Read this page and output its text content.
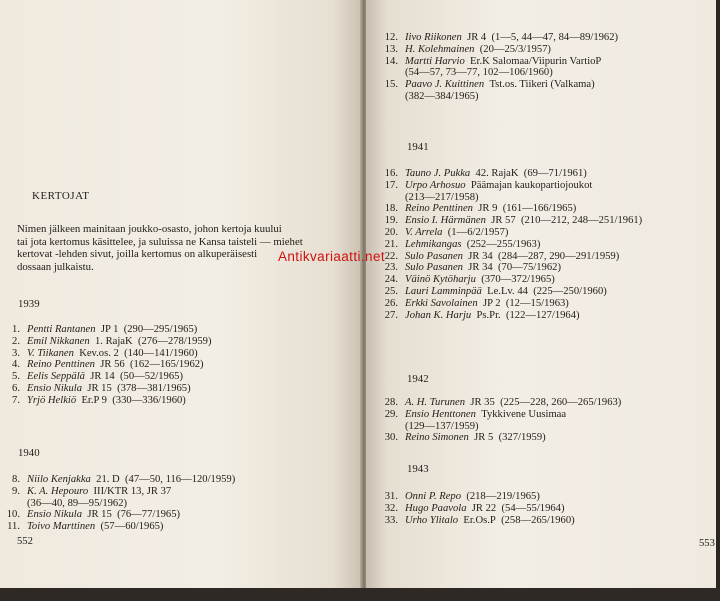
KERTOJAT
Nimen jälkeen mainitaan joukko-osasto, johon kertoja kuului
tai jota kertomus käsittelee, ja suluissa ne Kansa taisteli — miehet
kertovat -lehden sivut, joilla kertomus on alkuperäisesti
dossaan julkaistu.
1939
1. Pentti Rantanen JP 1 (290—295/1965)
2. Emil Nikkanen 1. RajaK (276—278/1959)
3. V. Tiikanen Kev.os. 2 (140—141/1960)
4. Reino Penttinen JR 56 (162—165/1962)
5. Eelis Seppälä JR 14 (50—52/1965)
6. Ensio Nikula JR 15 (378—381/1965)
7. Yrjö Helkiö Er.P 9 (330—336/1960)
1940
8. Niilo Kenjakka 21. D (47—50, 116—120/1959)
9. K. A. Hepouro III/KTR 13, JR 37
(36—40, 89—95/1962)
10. Ensio Nikula JR 15 (76—77/1965)
11. Toivo Marttinen (57—60/1965)
552
12. Iivo Riikonen JR 4 (1—5, 44—47, 84—89/1962)
13. H. Kolehmainen (20—25/3/1957)
14. Martti Harvio Er.K Salomaa/Viipurin VartioP
(54—57, 73—77, 102—106/1960)
15. Paavo J. Kuittinen Tst.os. Tiikeri (Valkama)
(382—384/1965)
1941
16. Tauno J. Pukka 42. RajaK (69—71/1961)
17. Urpo Arhosuo Päämajan kaukopartiojoukot
(213—217/1958)
18. Reino Penttinen JR 9 (161—166/1965)
19. Ensio I. Härmänen JR 57 (210—212, 248—251/1961)
20. V. Arrela (1—6/2/1957)
21. Lehmikangas (252—255/1963)
22. Sulo Pasanen JR 34 (284—287, 290—291/1959)
23. Sulo Pasanen JR 34 (70—75/1962)
24. Väinö Kytöharju (370—372/1965)
25. Lauri Lamminpää Le.Lv. 44 (225—250/1960)
26. Erkki Savolainen JP 2 (12—15/1963)
27. Johan K. Harju Ps.Pr. (122—127/1964)
1942
28. A. H. Turunen JR 35 (225—228, 260—265/1963)
29. Ensio Henttonen Tykkivene Uusimaa
(129—137/1959)
30. Reino Simonen JR 5 (327/1959)
1943
31. Onni P. Repo (218—219/1965)
32. Hugo Paavola JR 22 (54—55/1964)
33. Urho Ylitalo Er.Os.P (258—265/1960)
553
Antikvariaatti.net
